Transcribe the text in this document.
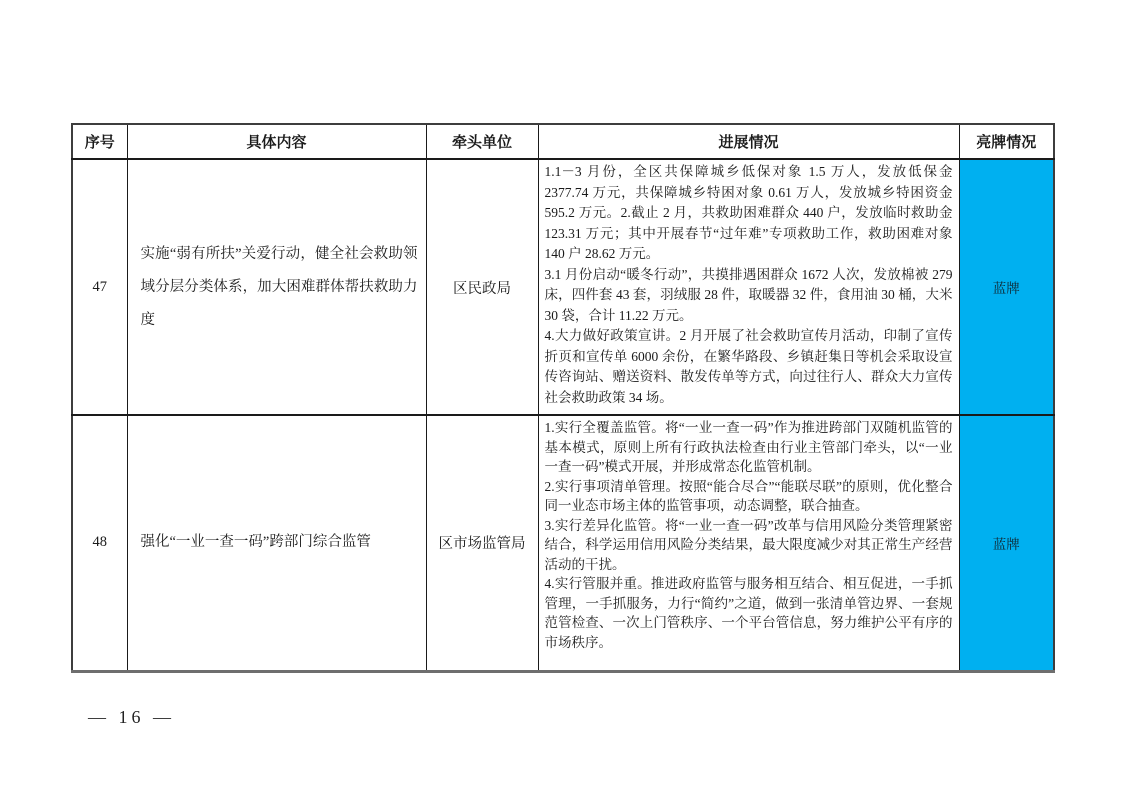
序号	具体内容	牵头单位	进展情况	亮牌情况
47	实施“弱有所扶”关爱行动，健全社会救助领域分层分类体系，加大困难群体帮扶救助力度	区民政局	1.1－3 月份，全区共保障城乡低保对象 1.5 万人，发放低保金 2377.74 万元，共保障城乡特困对象 0.61 万人，发放城乡特困资金 595.2 万元。2.截止 2 月，共救助困难群众 440 户，发放临时救助金 123.31 万元；其中开展春节“过年难”专项救助工作，救助困难对象 140 户 28.62 万元。
3.1 月份启动“暖冬行动”，共摸排遇困群众 1672 人次，发放棉被 279 床，四件套 43 套，羽绒服 28 件，取暖器 32 件，食用油 30 桶，大米 30 袋，合计 11.22 万元。
4.大力做好政策宣讲。2 月开展了社会救助宣传月活动，印制了宣传折页和宣传单 6000 余份，在繁华路段、乡镇赶集日等机会采取设宣传咨询站、赠送资料、散发传单等方式，向过往行人、群众大力宣传社会救助政策 34 场。	蓝牌
48	强化“一业一查一码”跨部门综合监管	区市场监管局	1.实行全覆盖监管。将“一业一查一码”作为推进跨部门双随机监管的基本模式，原则上所有行政执法检查由行业主管部门牵头，以“一业一查一码”模式开展，并形成常态化监管机制。
2.实行事项清单管理。按照“能合尽合”“能联尽联”的原则，优化整合同一业态市场主体的监管事项，动态调整，联合抽查。
3.实行差异化监管。将“一业一查一码”改革与信用风险分类管理紧密结合，科学运用信用风险分类结果，最大限度减少对其正常生产经营活动的干扰。
4.实行管服并重。推进政府监管与服务相互结合、相互促进，一手抓管理，一手抓服务，力行“简约”之道，做到一张清单管边界、一套规范管检查、一次上门管秩序、一个平台管信息，努力维护公平有序的市场秩序。	蓝牌
— 16 —
